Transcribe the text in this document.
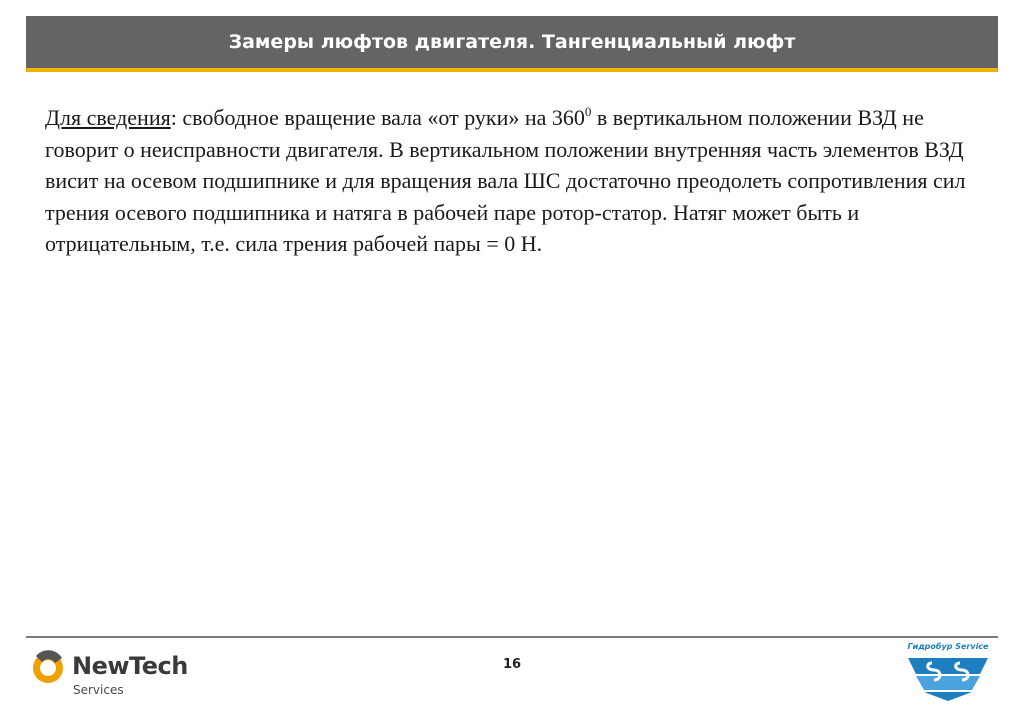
Замеры люфтов двигателя. Тангенциальный люфт
Для сведения: свободное вращение вала «от руки» на $360^0$ в вертикальном положении ВЗД не говорит о неисправности двигателя. В вертикальном положении внутренняя часть элементов ВЗД висит на осевом подшипнике и для вращения вала ШС достаточно преодолеть сопротивления сил трения осевого подшипника и натяга в рабочей паре ротор-статор. Натяг может быть и отрицательным, т.е. сила трения рабочей пары = 0 Н.
16
NewTech
Services
Гидробур Service
